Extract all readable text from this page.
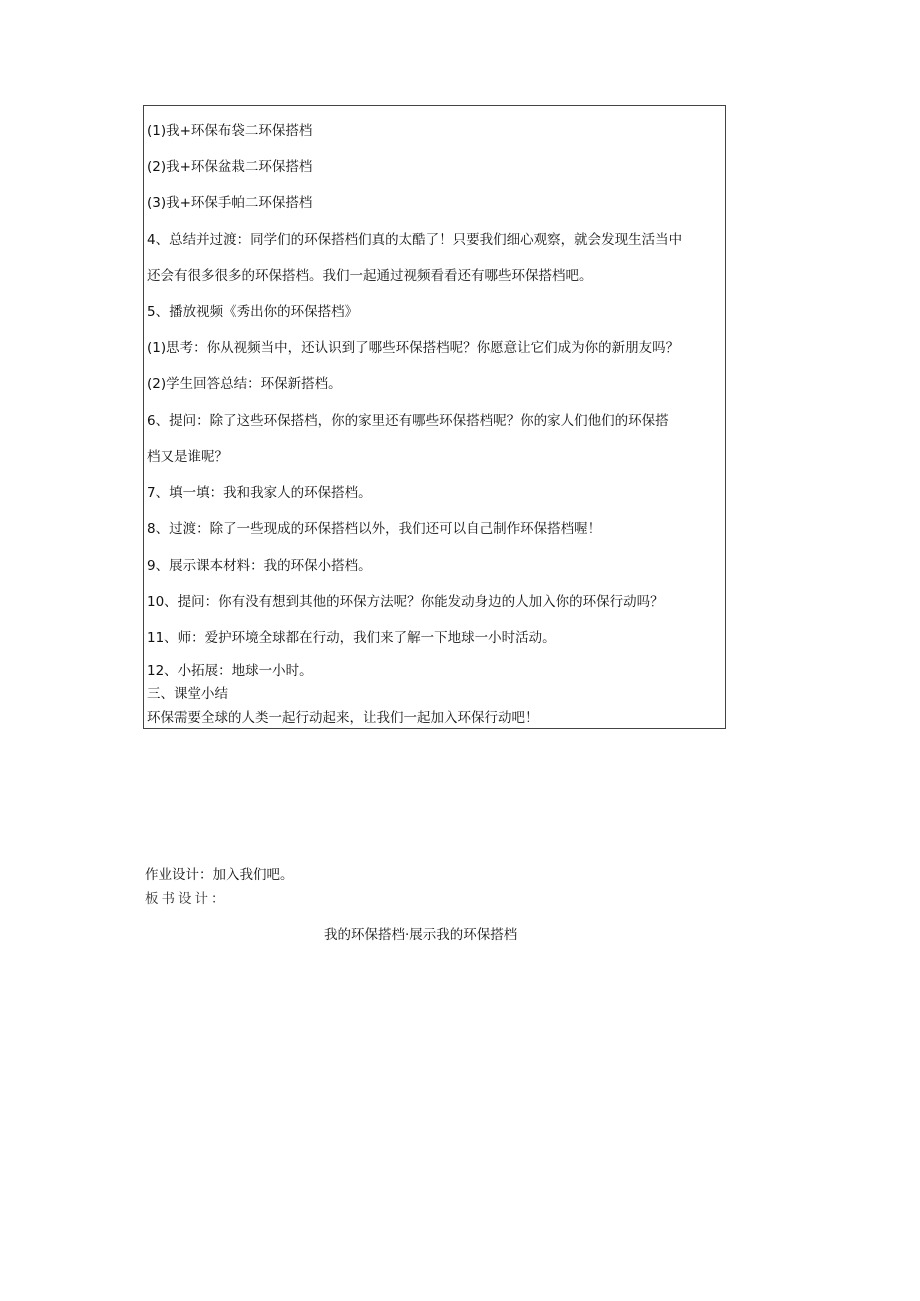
(1)我+环保布袋二环保搭档
(2)我+环保盆栽二环保搭档
(3)我+环保手帕二环保搭档
4、总结并过渡：同学们的环保搭档们真的太酷了！只要我们细心观察，就会发现生活当中
还会有很多很多的环保搭档。我们一起通过视频看看还有哪些环保搭档吧。
5、播放视频《秀出你的环保搭档》
(1)思考：你从视频当中，还认识到了哪些环保搭档呢？你愿意让它们成为你的新朋友吗？
(2)学生回答总结：环保新搭档。
6、提问：除了这些环保搭档，你的家里还有哪些环保搭档呢？你的家人们他们的环保搭
档又是谁呢？
7、填一填：我和我家人的环保搭档。
8、过渡：除了一些现成的环保搭档以外，我们还可以自己制作环保搭档喔！
9、展示课本材料：我的环保小搭档。
10、提问：你有没有想到其他的环保方法呢？你能发动身边的人加入你的环保行动吗？
11、师：爱护环境全球都在行动，我们来了解一下地球一小时活动。
12、小拓展：地球一小时。
三、课堂小结
环保需要全球的人类一起行动起来，让我们一起加入环保行动吧！
作业设计：加入我们吧。
板书设计：
我的环保搭档·展示我的环保搭档
